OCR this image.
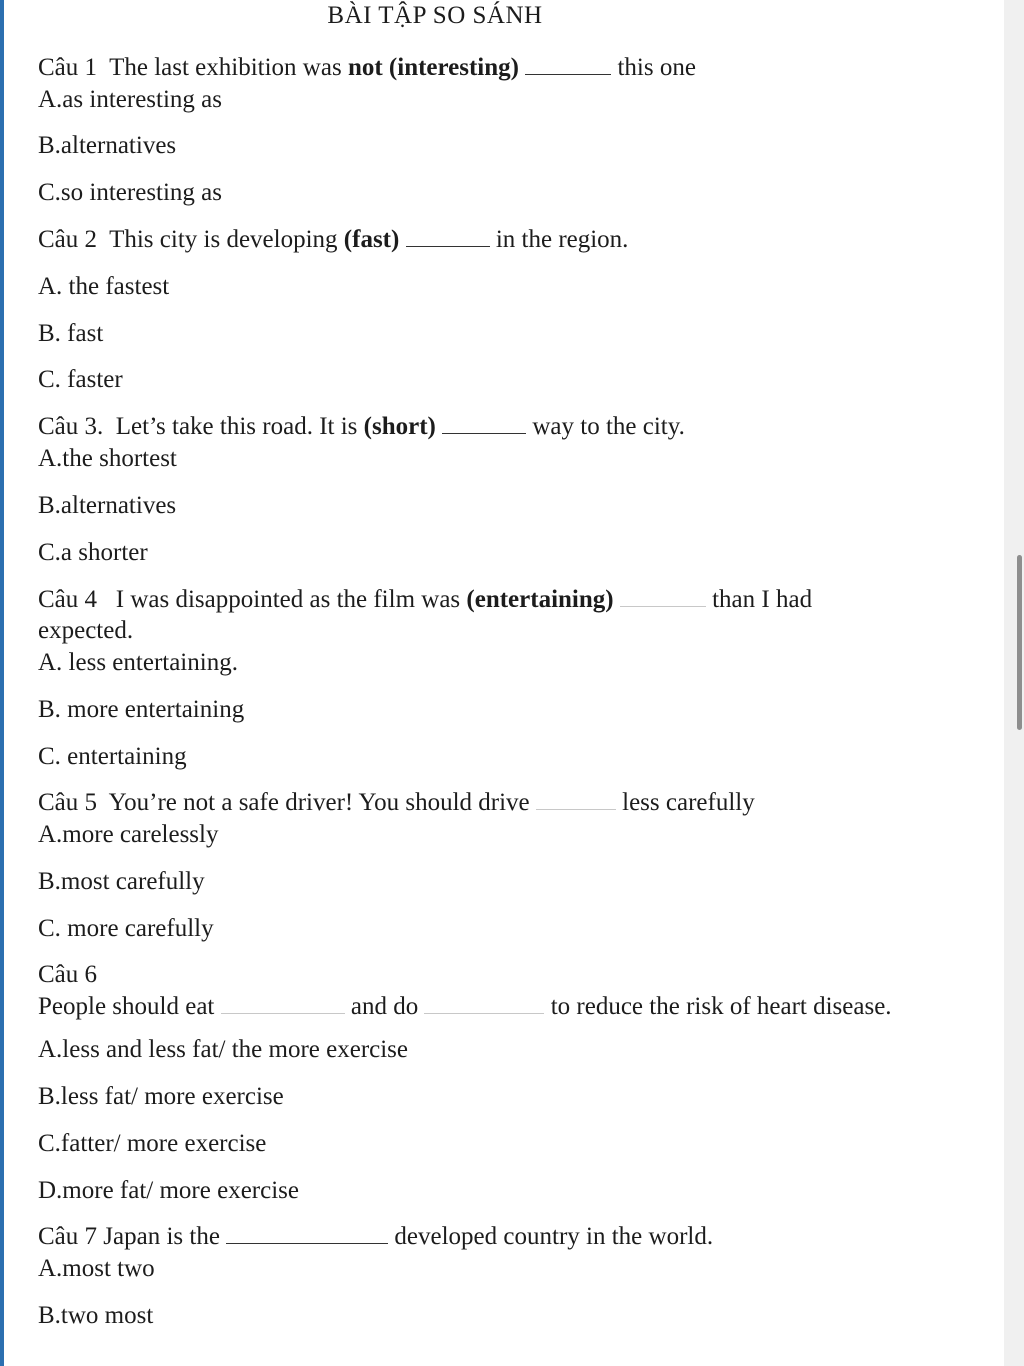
BÀI TẬP SO SÁNH
Câu 1 The last exhibition was not (interesting)	this one
A.as interesting as
B.alternatives
C.so interesting as
Câu 2 This city is developing (fast)	in the region.
A. the fastest
B. fast
C. faster
Câu 3. Let’s take this road. It is (short)	way to the city.
A.the shortest
B.alternatives
C.a shorter
Câu 4 I was disappointed as the film was (entertaining)	than I had
expected.
A. less entertaining.
B. more entertaining
C. entertaining
Câu 5 You’re not a safe driver! You should drive	less carefully
A.more carelessly
B.most carefully
C. more carefully
Câu 6
People should eat	and do	to reduce the risk of heart disease.
A.less and less fat/ the more exercise
B.less fat/ more exercise
C.fatter/ more exercise
D.more fat/ more exercise
Câu 7 Japan is the	developed country in the world.
A.most two
B.two most
